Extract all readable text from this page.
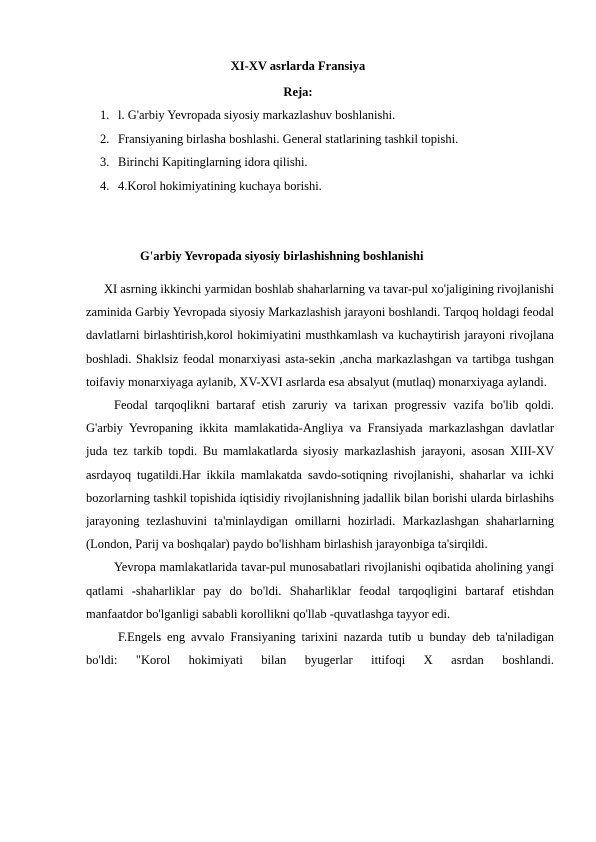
XI-XV asrlarda Fransiya
Reja:
1. l. G'arbiy Yevropada siyosiy markazlashuv boshlanishi.
2. Fransiyaning birlasha boshlashi. General statlarining tashkil topishi.
3. Birinchi Kapitinglarning idora qilishi.
4. 4.Korol hokimiyatining kuchaya borishi.
G'arbiy Yevropada siyosiy birlashishning boshlanishi

XI asrning ikkinchi yarmidan boshlab shaharlarning va tavar-pul xo'jaligining rivojlanishi zaminida Garbiy Yevropada siyosiy Markazlashish jarayoni boshlandi. Tarqoq holdagi feodal davlatlarni birlashtirish,korol hokimiyatini musthkamlash va kuchaytirish jarayoni rivojlana boshladi. Shaklsiz feodal monarxiyasi asta-sekin ,ancha markazlashgan va tartibga tushgan toifaviy monarxiyaga aylanib, XV-XVI asrlarda esa absalyut (mutlaq) monarxiyaga aylandi.

Feodal tarqoqlikni bartaraf etish zaruriy va tarixan progressiv vazifa bo'lib qoldi. G'arbiy Yevropaning ikkita mamlakatida-Angliya va Fransiyada markazlashgan davlatlar juda tez tarkib topdi. Bu mamlakatlarda siyosiy markazlashish jarayoni, asosan XIII-XV asrdayoq tugatildi.Har ikkila mamlakatda savdo-sotiqning rivojlanishi, shaharlar va ichki bozorlarning tashkil topishida iqtisidiy rivojlanishning jadallik bilan borishi ularda birlashihs jarayoning tezlashuvini ta'minlaydigan omillarni hozirladi. Markazlashgan shaharlarning (London, Parij va boshqalar) paydo bo'lishham birlashish jarayonbiga ta'sirqildi.

Yevropa mamlakatlarida tavar-pul munosabatlari rivojlanishi oqibatida aholining yangi qatlami -shaharliklar pay do bo'ldi. Shaharliklar feodal tarqoqligini bartaraf etishdan manfaatdor bo'lganligi sababli korollikni qo'llab -quvatlashga tayyor edi.

F.Engels eng avvalo Fransiyaning tarixini nazarda tutib u bunday deb ta'niladigan bo'ldi: "Korol hokimiyati bilan byugerlar ittifoqi X asrdan boshlandi.
